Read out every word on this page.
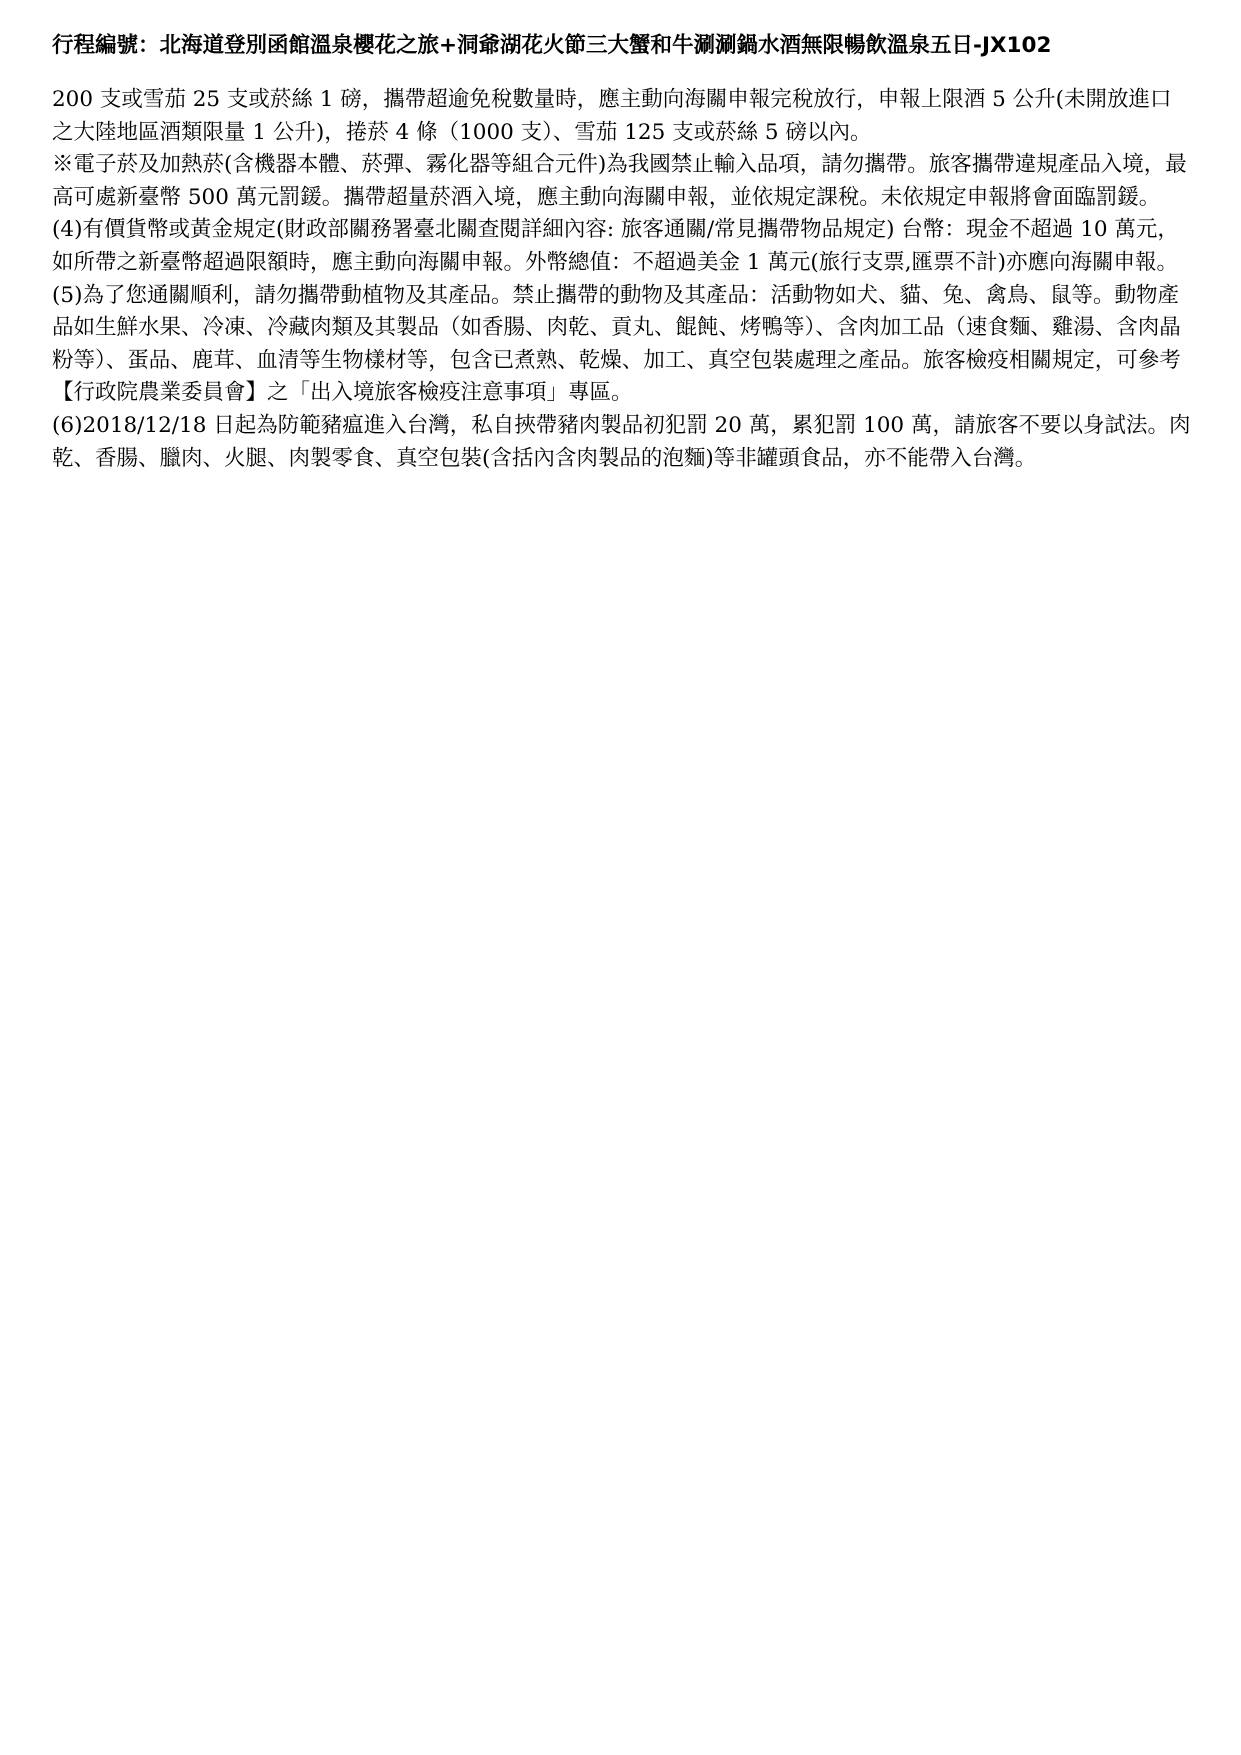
行程編號：北海道登別函館溫泉櫻花之旅+洞爺湖花火節三大蟹和牛涮涮鍋水酒無限暢飲溫泉五日-JX102

200 支或雪茄 25 支或菸絲 1 磅，攜帶超逾免稅數量時，應主動向海關申報完稅放行，申報上限酒 5 公升(未開放進口之大陸地區酒類限量 1 公升)，捲菸 4 條（1000 支）、雪茄 125 支或菸絲 5 磅以內。

※電子菸及加熱菸(含機器本體、菸彈、霧化器等組合元件)為我國禁止輸入品項，請勿攜帶。旅客攜帶違規產品入境，最高可處新臺幣 500 萬元罰鍰。攜帶超量菸酒入境，應主動向海關申報，並依規定課稅。未依規定申報將會面臨罰鍰。

(4)有價貨幣或黃金規定(財政部關務署臺北關查閱詳細內容: 旅客通關/常見攜帶物品規定) 台幣：現金不超過 10 萬元，如所帶之新臺幣超過限額時，應主動向海關申報。外幣總值：不超過美金 1 萬元(旅行支票,匯票不計)亦應向海關申報。

(5)為了您通關順利，請勿攜帶動植物及其產品。禁止攜帶的動物及其產品：活動物如犬、貓、兔、禽鳥、鼠等。動物產品如生鮮水果、冷凍、冷藏肉類及其製品（如香腸、肉乾、貢丸、餛飩、烤鴨等）、含肉加工品（速食麵、雞湯、含肉晶粉等）、蛋品、鹿茸、血清等生物樣材等，包含已煮熟、乾燥、加工、真空包裝處理之產品。旅客檢疫相關規定，可參考【行政院農業委員會】之「出入境旅客檢疫注意事項」專區。

(6)2018/12/18 日起為防範豬瘟進入台灣，私自挾帶豬肉製品初犯罰 20 萬，累犯罰 100 萬，請旅客不要以身試法。肉乾、香腸、臘肉、火腿、肉製零食、真空包裝(含括內含肉製品的泡麵)等非罐頭食品，亦不能帶入台灣。
